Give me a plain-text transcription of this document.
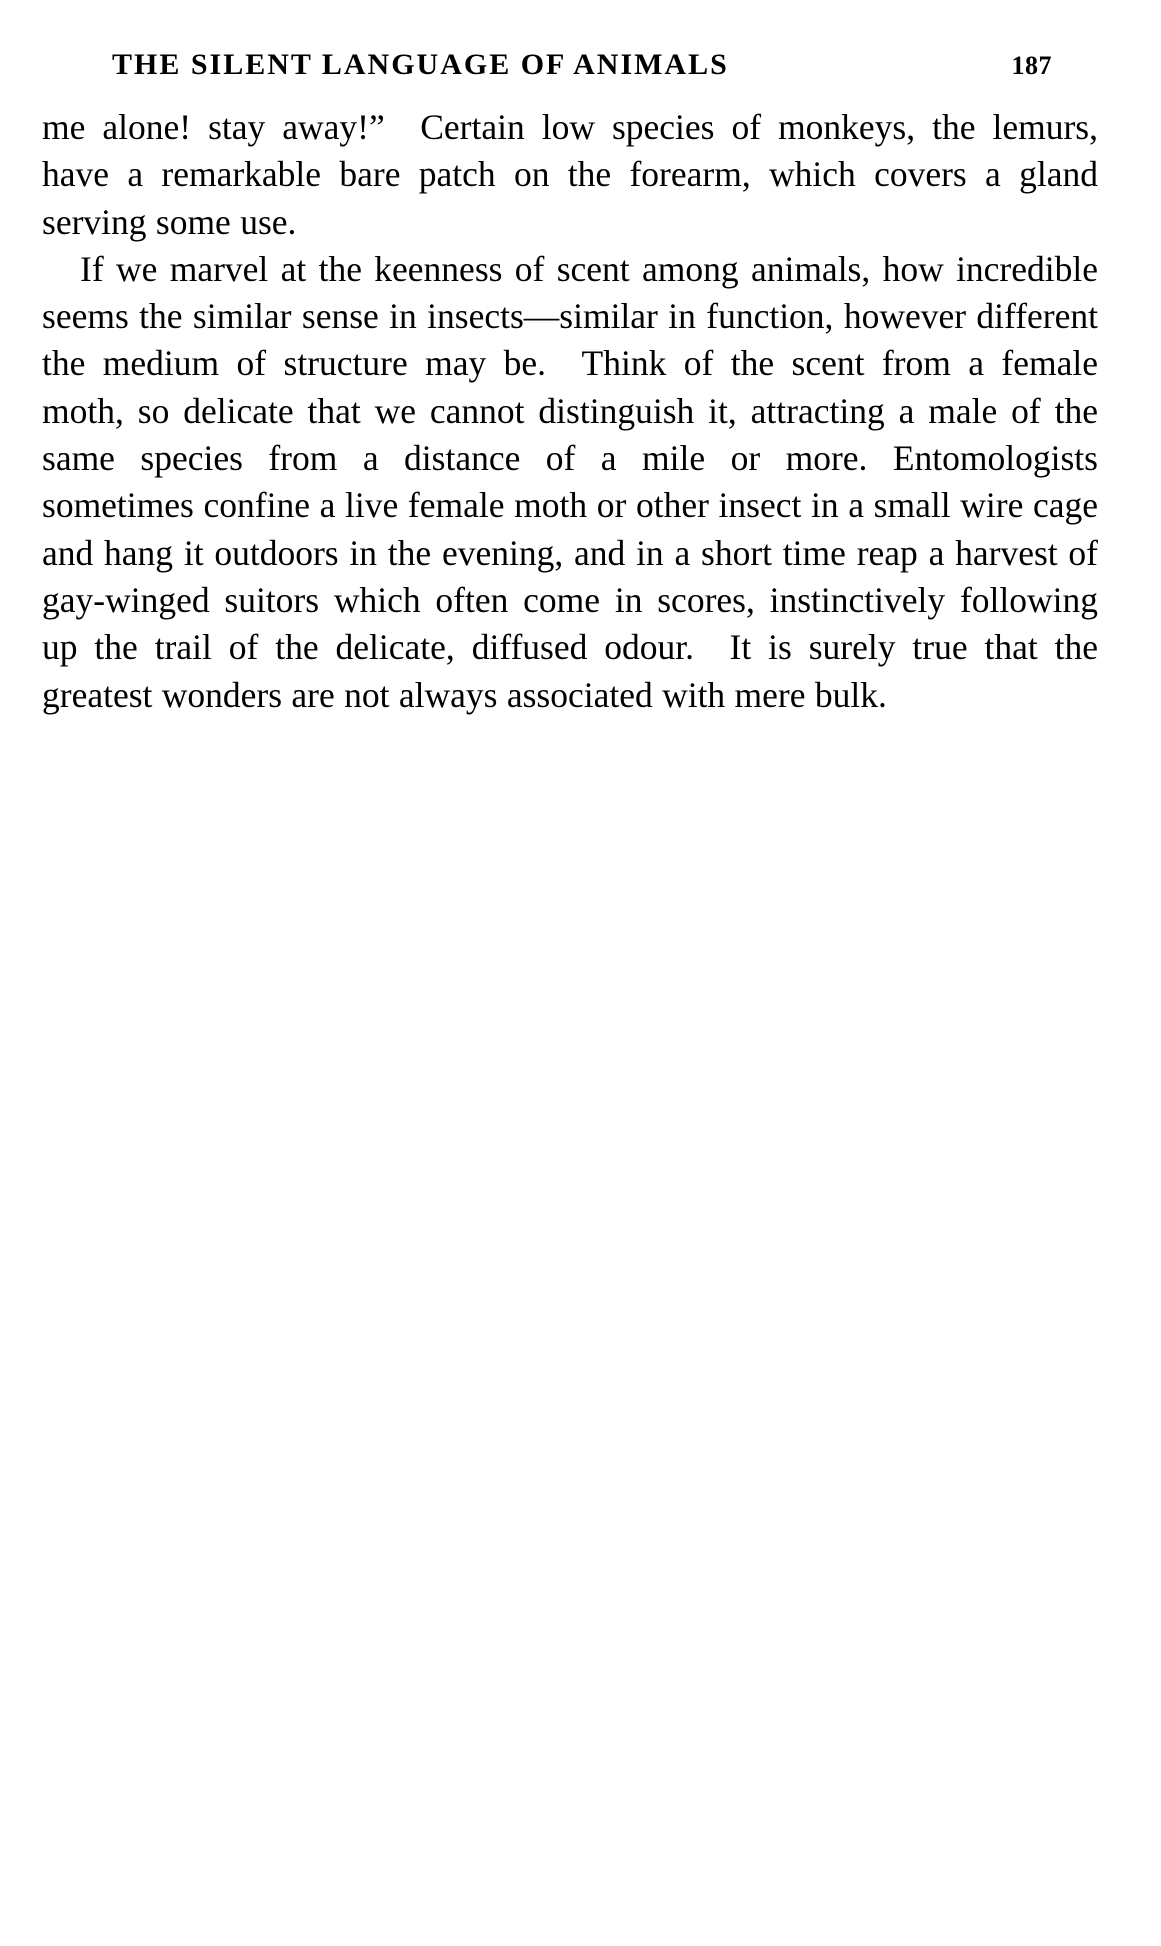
THE SILENT LANGUAGE OF ANIMALS	187

me alone! stay away!” Certain low species of monkeys, the lemurs, have a remarkable bare patch on the forearm, which covers a gland serving some use.

If we marvel at the keenness of scent among animals, how incredible seems the similar sense in insects—similar in function, however different the medium of structure may be. Think of the scent from a female moth, so delicate that we cannot distinguish it, attracting a male of the same species from a distance of a mile or more. Entomologists sometimes confine a live female moth or other insect in a small wire cage and hang it outdoors in the evening, and in a short time reap a harvest of gay-winged suitors which often come in scores, instinctively following up the trail of the delicate, diffused odour. It is surely true that the greatest wonders are not always associated with mere bulk.
